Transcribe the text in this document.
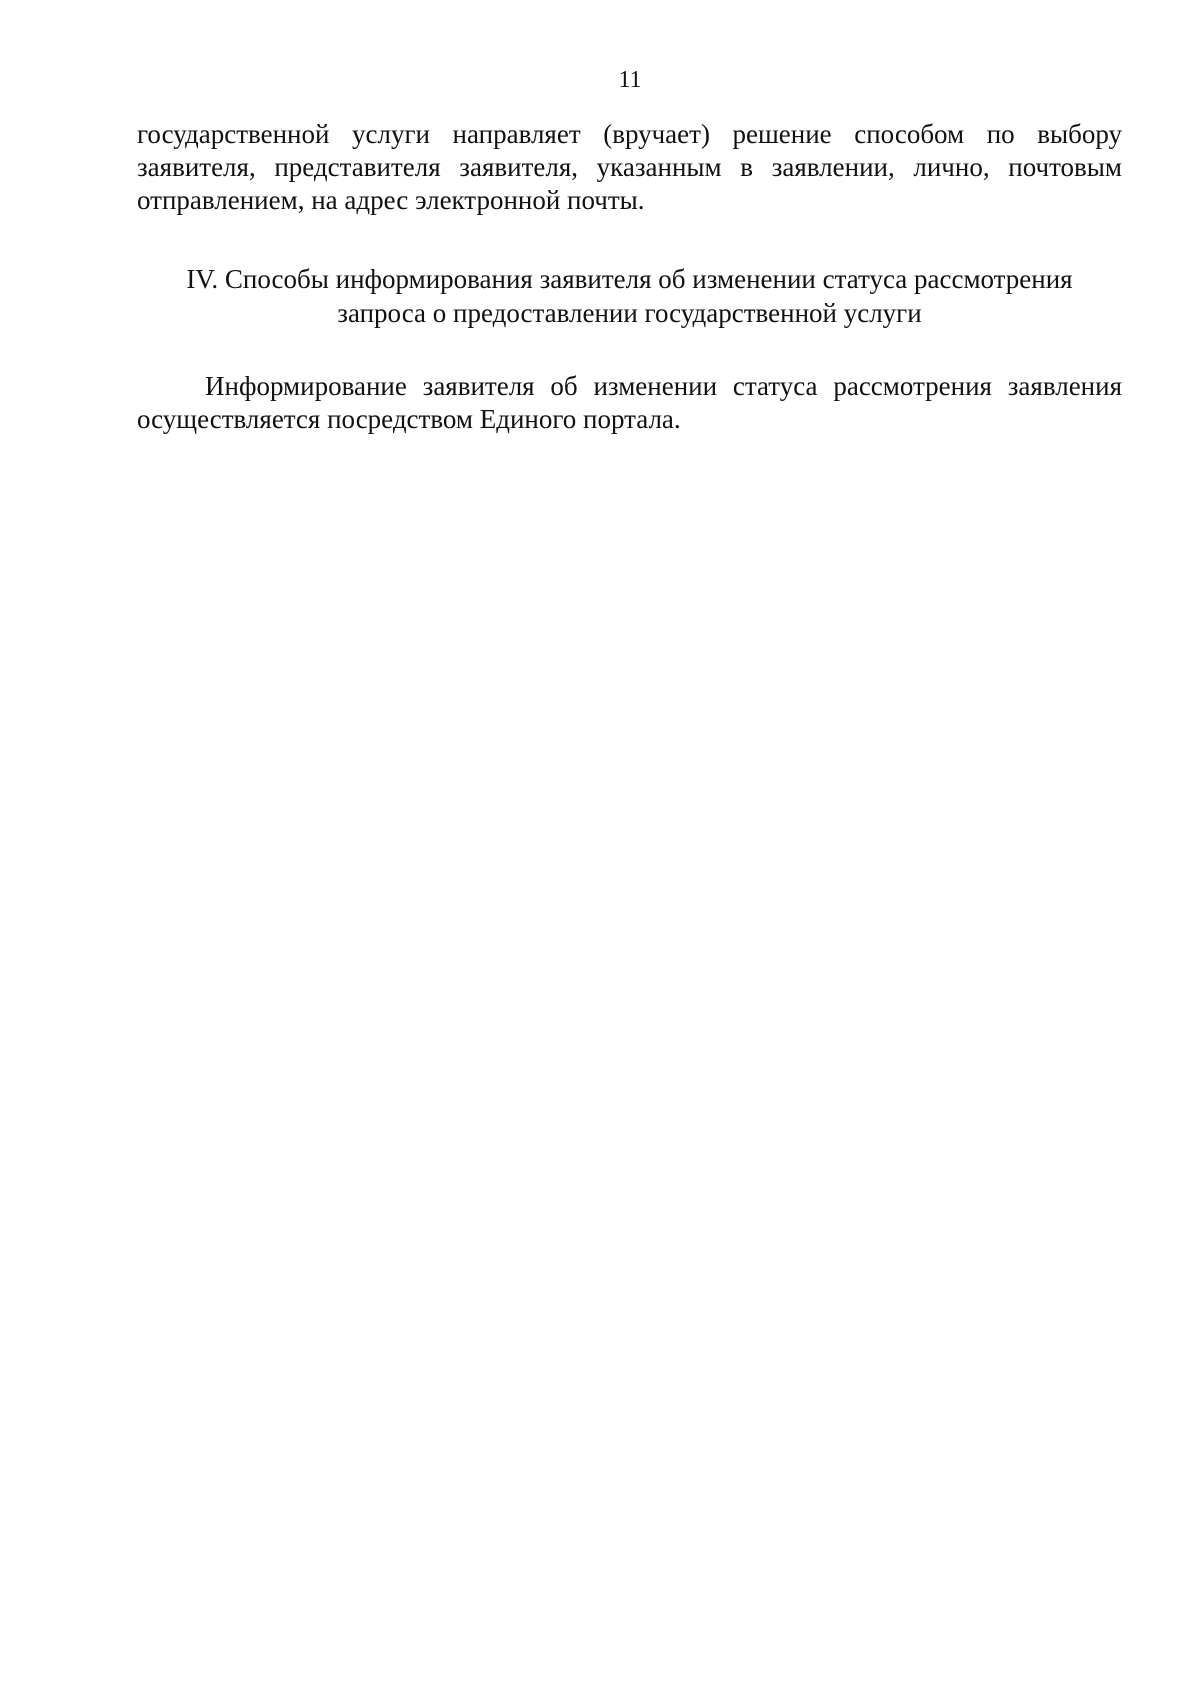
11
государственной услуги направляет (вручает) решение способом по выбору
заявителя, представителя заявителя, указанным в заявлении, лично, почтовым
отправлением, на адрес электронной почты.
IV. Способы информирования заявителя об изменении статуса рассмотрения
запроса о предоставлении государственной услуги
Информирование заявителя об изменении статуса рассмотрения заявления
осуществляется посредством Единого портала.
